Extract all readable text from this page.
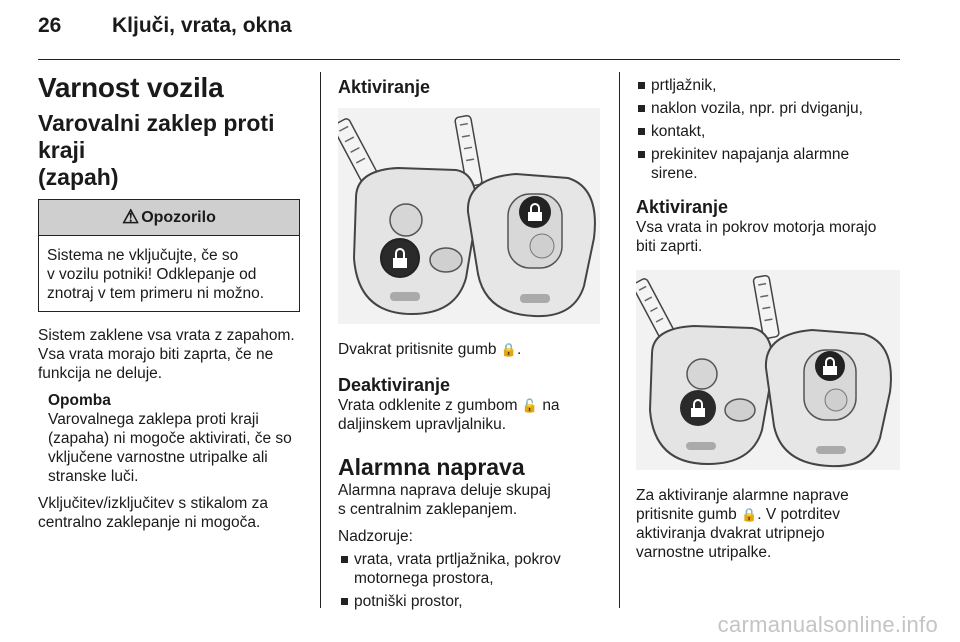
26 Ključi, vrata, okna
Varnost vozila
Varovalni zaklep proti kraji
(zapah)
⚠ Opozorilo

Sistema ne vključujte, če so

v vozilu potniki! Odklepanje od

znotraj v tem primeru ni možno.

Sistem zaklene vsa vrata z zapahom.

Vsa vrata morajo biti zaprta, če ne

funkcija ne deluje.

Opomba

Varovalnega zaklepa proti kraji

(zapaha) ni mogoče aktivirati, če so

vključene varnostne utripalke ali

stranske luči.

Vključitev/izključitev s stikalom za

centralno zaklepanje ni mogoča.

Aktiviranje

Dvakrat pritisnite gumb 🔒.

Deaktiviranje

Vrata odklenite z gumbom 🔓 na

daljinskem upravljalniku.

Alarmna naprava

Alarmna naprava deluje skupaj

s centralnim zaklepanjem.

Nadzoruje:

vrata, vrata prtljažnika, pokrov
motornega prostora,
potniški prostor,
prtljažnik,
naklon vozila, npr. pri dviganju,
kontakt,
prekinitev napajanja alarmne
sirene.
Aktiviranje

Vsa vrata in pokrov motorja morajo

biti zaprti.

Za aktiviranje alarmne naprave

pritisnite gumb 🔒. V potrditev

aktiviranja dvakrat utripnejo

varnostne utripalke.

carmanualsonline.info
